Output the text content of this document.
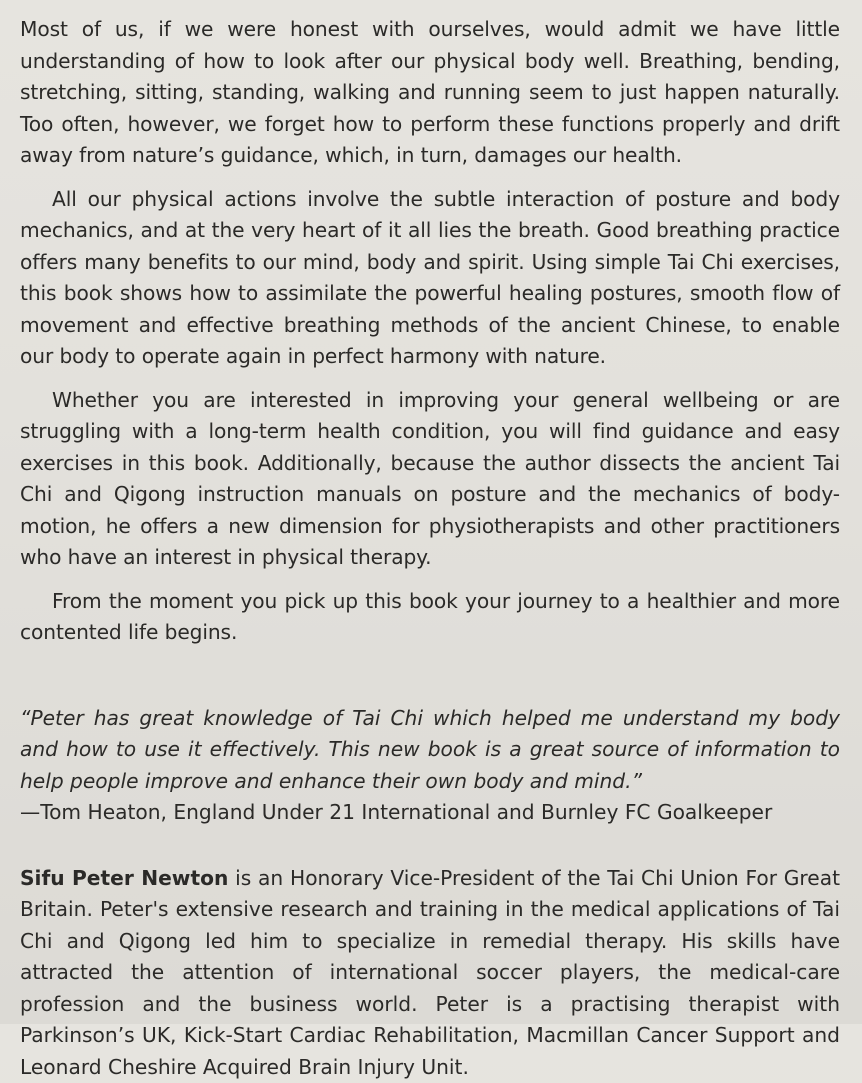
Most of us, if we were honest with ourselves, would admit we have little understanding of how to look after our physical body well. Breathing, bending, stretching, sitting, standing, walking and running seem to just happen naturally. Too often, however, we forget how to perform these functions properly and drift away from nature’s guidance, which, in turn, damages our health.

All our physical actions involve the subtle interaction of posture and body mechanics, and at the very heart of it all lies the breath. Good breathing practice offers many benefits to our mind, body and spirit. Using simple Tai Chi exercises, this book shows how to assimilate the powerful healing postures, smooth flow of movement and effective breathing methods of the ancient Chinese, to enable our body to operate again in perfect harmony with nature.

Whether you are interested in improving your general wellbeing or are struggling with a long-term health condition, you will find guidance and easy exercises in this book. Additionally, because the author dissects the ancient Tai Chi and Qigong instruction manuals on posture and the mechanics of body-motion, he offers a new dimension for physiotherapists and other practitioners who have an interest in physical therapy.

From the moment you pick up this book your journey to a healthier and more contented life begins.

“Peter has great knowledge of Tai Chi which helped me understand my body and how to use it effectively. This new book is a great source of information to help people improve and enhance their own body and mind.”

—Tom Heaton, England Under 21 International and Burnley FC Goalkeeper

Sifu Peter Newton is an Honorary Vice-President of the Tai Chi Union For Great Britain. Peter's extensive research and training in the medical applications of Tai Chi and Qigong led him to specialize in remedial therapy. His skills have attracted the attention of international soccer players, the medical-care profession and the business world. Peter is a practising therapist with Parkinson’s UK, Kick-Start Cardiac Rehabilitation, Macmillan Cancer Support and Leonard Cheshire Acquired Brain Injury Unit.
